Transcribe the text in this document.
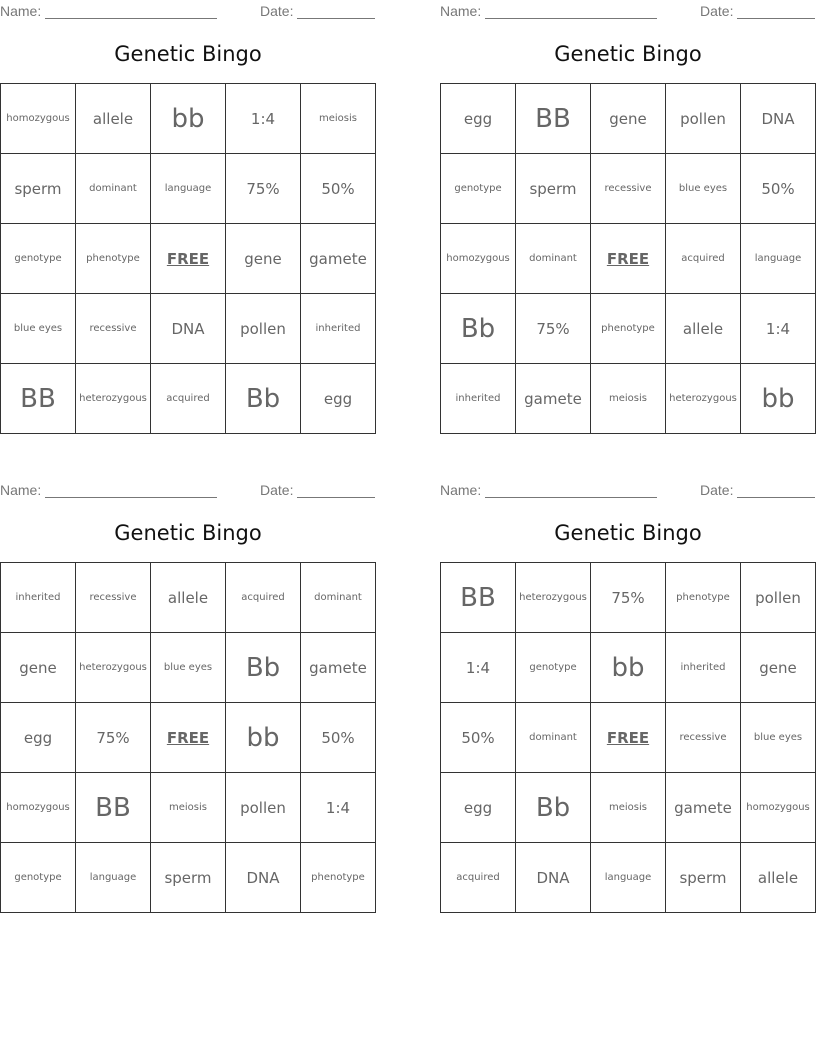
Name:	Date:
Genetic Bingo
homozygous	allele	bb	1:4	meiosis
sperm	dominant	language	75%	50%
genotype	phenotype	FREE	gene	gamete
blue eyes	recessive	DNA	pollen	inherited
BB	heterozygous	acquired	Bb	egg
Name:	Date:
Genetic Bingo
egg	BB	gene	pollen	DNA
genotype	sperm	recessive	blue eyes	50%
homozygous	dominant	FREE	acquired	language
Bb	75%	phenotype	allele	1:4
inherited	gamete	meiosis	heterozygous	bb
Name:	Date:
Genetic Bingo
inherited	recessive	allele	acquired	dominant
gene	heterozygous	blue eyes	Bb	gamete
egg	75%	FREE	bb	50%
homozygous	BB	meiosis	pollen	1:4
genotype	language	sperm	DNA	phenotype
Name:	Date:
Genetic Bingo
BB	heterozygous	75%	phenotype	pollen
1:4	genotype	bb	inherited	gene
50%	dominant	FREE	recessive	blue eyes
egg	Bb	meiosis	gamete	homozygous
acquired	DNA	language	sperm	allele
